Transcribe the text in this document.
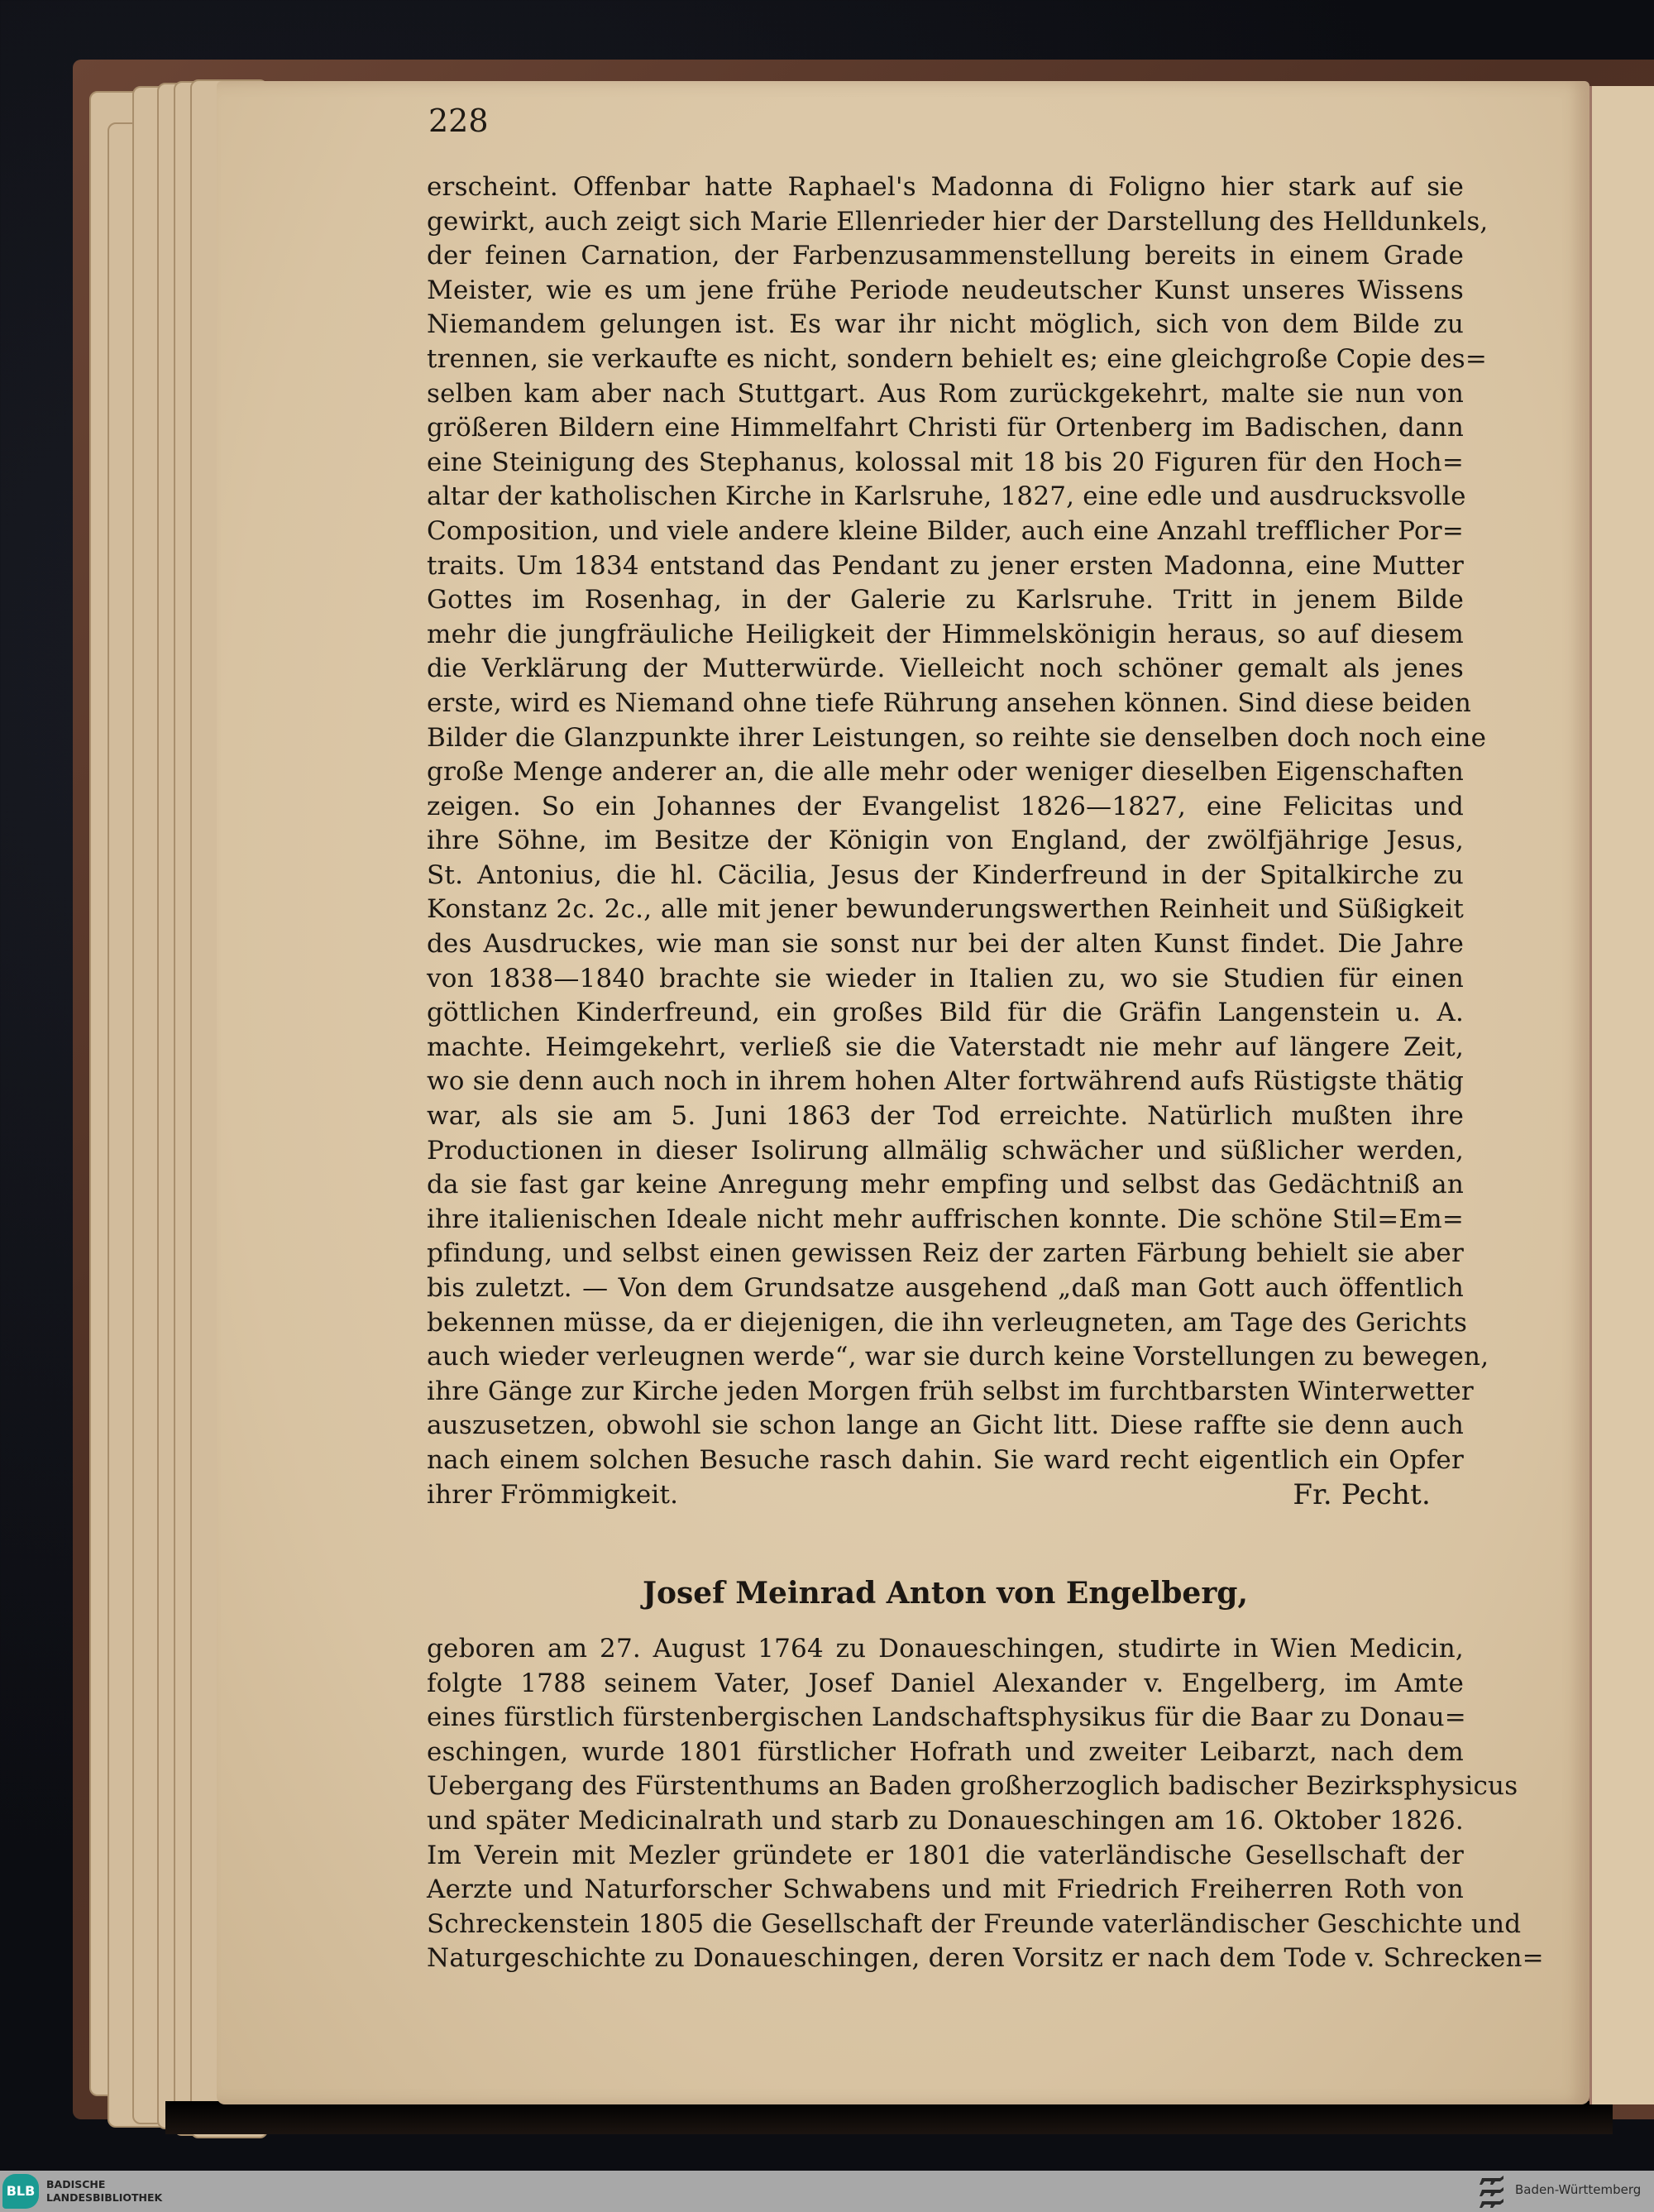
228
erscheint. Offenbar hatte Raphael's Madonna di Foligno hier stark auf sie
gewirkt, auch zeigt sich Marie Ellenrieder hier der Darstellung des Helldunkels,
der feinen Carnation, der Farbenzusammenstellung bereits in einem Grade
Meister, wie es um jene frühe Periode neudeutscher Kunst unseres Wissens
Niemandem gelungen ist. Es war ihr nicht möglich, sich von dem Bilde zu
trennen, sie verkaufte es nicht, sondern behielt es; eine gleichgroße Copie des=
selben kam aber nach Stuttgart. Aus Rom zurückgekehrt, malte sie nun von
größeren Bildern eine Himmelfahrt Christi für Ortenberg im Badischen, dann
eine Steinigung des Stephanus, kolossal mit 18 bis 20 Figuren für den Hoch=
altar der katholischen Kirche in Karlsruhe, 1827, eine edle und ausdrucksvolle
Composition, und viele andere kleine Bilder, auch eine Anzahl trefflicher Por=
traits. Um 1834 entstand das Pendant zu jener ersten Madonna, eine Mutter
Gottes im Rosenhag, in der Galerie zu Karlsruhe. Tritt in jenem Bilde
mehr die jungfräuliche Heiligkeit der Himmelskönigin heraus, so auf diesem
die Verklärung der Mutterwürde. Vielleicht noch schöner gemalt als jenes
erste, wird es Niemand ohne tiefe Rührung ansehen können. Sind diese beiden
Bilder die Glanzpunkte ihrer Leistungen, so reihte sie denselben doch noch eine
große Menge anderer an, die alle mehr oder weniger dieselben Eigenschaften
zeigen. So ein Johannes der Evangelist 1826—1827, eine Felicitas und
ihre Söhne, im Besitze der Königin von England, der zwölfjährige Jesus,
St. Antonius, die hl. Cäcilia, Jesus der Kinderfreund in der Spitalkirche zu
Konstanz 2c. 2c., alle mit jener bewunderungswerthen Reinheit und Süßigkeit
des Ausdruckes, wie man sie sonst nur bei der alten Kunst findet. Die Jahre
von 1838—1840 brachte sie wieder in Italien zu, wo sie Studien für einen
göttlichen Kinderfreund, ein großes Bild für die Gräfin Langenstein u. A.
machte. Heimgekehrt, verließ sie die Vaterstadt nie mehr auf längere Zeit,
wo sie denn auch noch in ihrem hohen Alter fortwährend aufs Rüstigste thätig
war, als sie am 5. Juni 1863 der Tod erreichte. Natürlich mußten ihre
Productionen in dieser Isolirung allmälig schwächer und süßlicher werden,
da sie fast gar keine Anregung mehr empfing und selbst das Gedächtniß an
ihre italienischen Ideale nicht mehr auffrischen konnte. Die schöne Stil=Em=
pfindung, und selbst einen gewissen Reiz der zarten Färbung behielt sie aber
bis zuletzt. — Von dem Grundsatze ausgehend „daß man Gott auch öffentlich
bekennen müsse, da er diejenigen, die ihn verleugneten, am Tage des Gerichts
auch wieder verleugnen werde“, war sie durch keine Vorstellungen zu bewegen,
ihre Gänge zur Kirche jeden Morgen früh selbst im furchtbarsten Winterwetter
auszusetzen, obwohl sie schon lange an Gicht litt. Diese raffte sie denn auch
nach einem solchen Besuche rasch dahin. Sie ward recht eigentlich ein Opfer
ihrer Frömmigkeit.	Fr. Pecht.
Josef Meinrad Anton von Engelberg,
geboren am 27. August 1764 zu Donaueschingen, studirte in Wien Medicin,
folgte 1788 seinem Vater, Josef Daniel Alexander v. Engelberg, im Amte
eines fürstlich fürstenbergischen Landschaftsphysikus für die Baar zu Donau=
eschingen, wurde 1801 fürstlicher Hofrath und zweiter Leibarzt, nach dem
Uebergang des Fürstenthums an Baden großherzoglich badischer Bezirksphysicus
und später Medicinalrath und starb zu Donaueschingen am 16. Oktober 1826.
Im Verein mit Mezler gründete er 1801 die vaterländische Gesellschaft der
Aerzte und Naturforscher Schwabens und mit Friedrich Freiherren Roth von
Schreckenstein 1805 die Gesellschaft der Freunde vaterländischer Geschichte und
Naturgeschichte zu Donaueschingen, deren Vorsitz er nach dem Tode v. Schrecken=
BLB	BADISCHE
LANDESBIBLIOTHEK
Baden-Württemberg
